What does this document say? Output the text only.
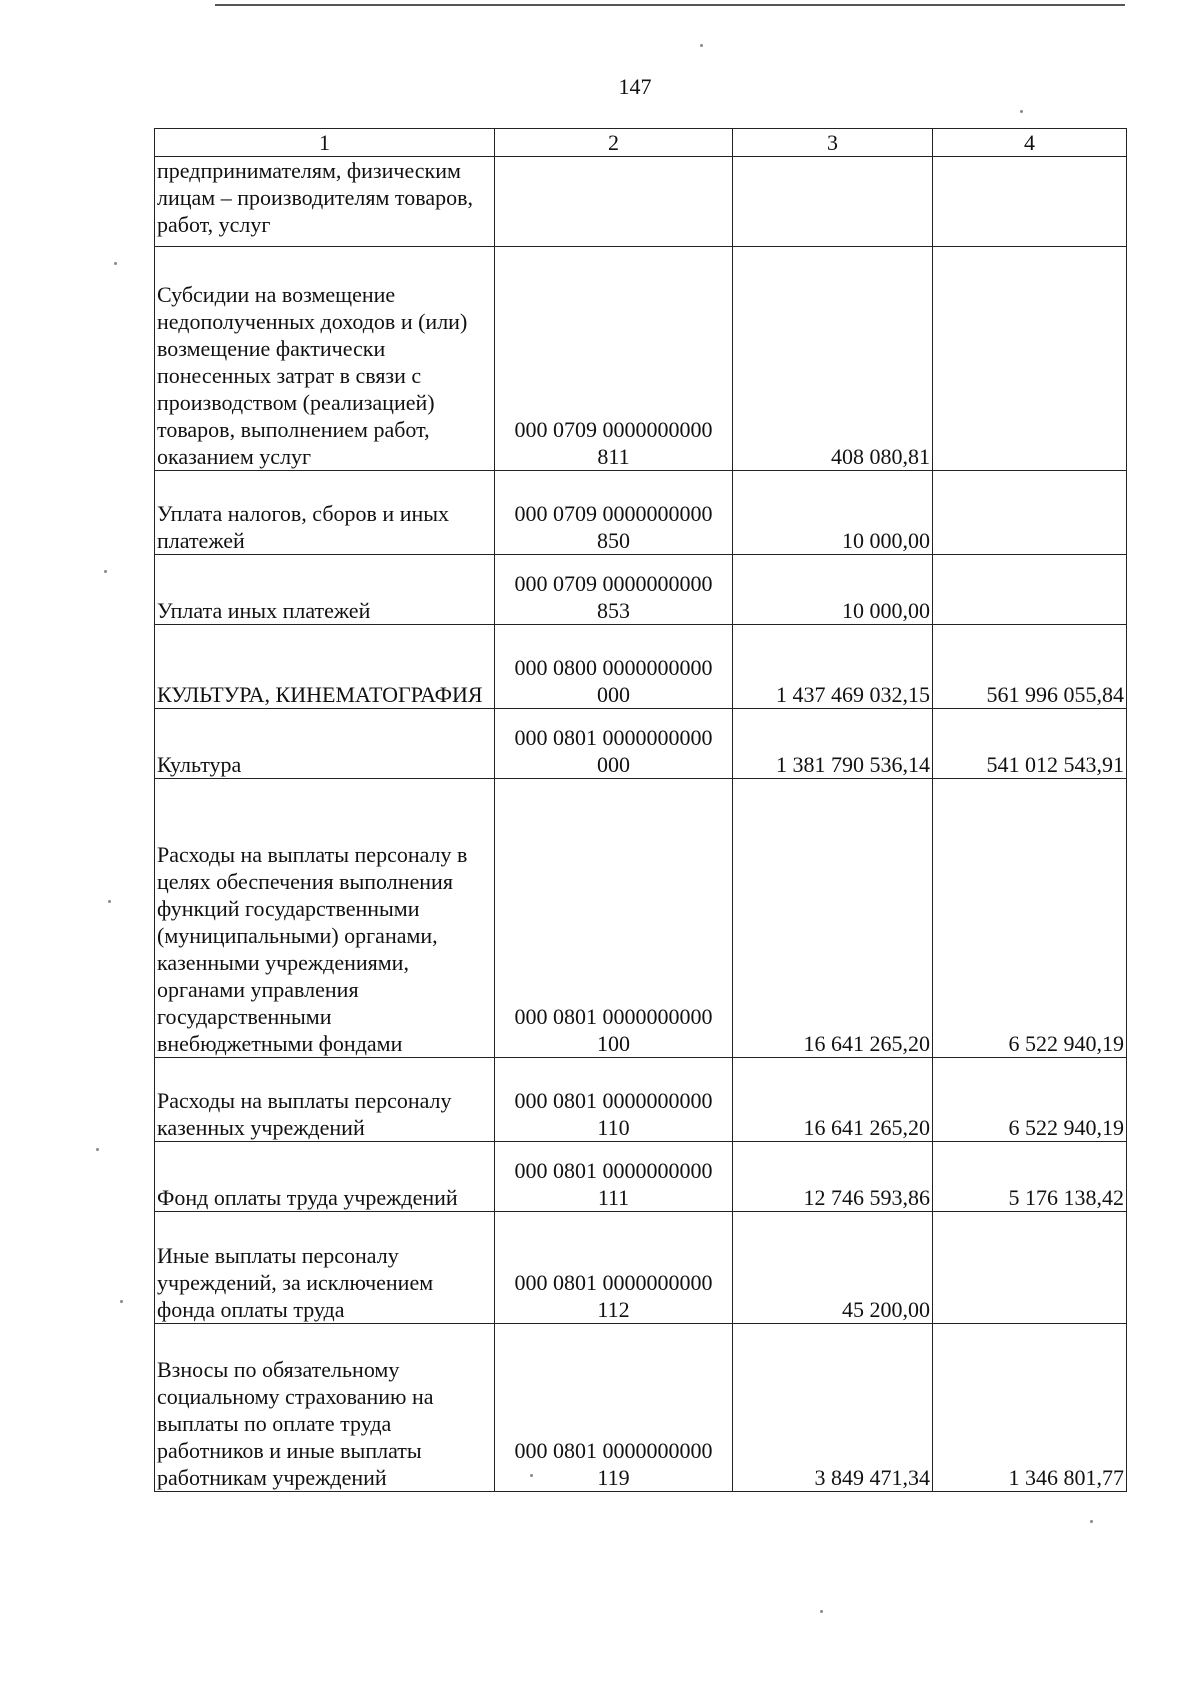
147
1	2	3	4
предпринимателям, физическим лицам – производителям товаров, работ, услуг			
Субсидии на возмещение недополученных доходов и (или) возмещение фактически понесенных затрат в связи с производством (реализацией) товаров, выполнением работ, оказанием услуг	000 0709 0000000000 811	408 080,81	
Уплата налогов, сборов и иных платежей	000 0709 0000000000 850	10 000,00	
Уплата иных платежей	000 0709 0000000000 853	10 000,00	
КУЛЬТУРА, КИНЕМАТОГРАФИЯ	000 0800 0000000000 000	1 437 469 032,15	561 996 055,84
Культура	000 0801 0000000000 000	1 381 790 536,14	541 012 543,91
Расходы на выплаты персоналу в целях обеспечения выполнения функций государственными (муниципальными) органами, казенными учреждениями, органами управления государственными внебюджетными фондами	000 0801 0000000000 100	16 641 265,20	6 522 940,19
Расходы на выплаты персоналу казенных учреждений	000 0801 0000000000 110	16 641 265,20	6 522 940,19
Фонд оплаты труда учреждений	000 0801 0000000000 111	12 746 593,86	5 176 138,42
Иные выплаты персоналу учреждений, за исключением фонда оплаты труда	000 0801 0000000000 112	45 200,00	
Взносы по обязательному социальному страхованию на выплаты по оплате труда работников и иные выплаты работникам учреждений	000 0801 0000000000 119	3 849 471,34	1 346 801,77
